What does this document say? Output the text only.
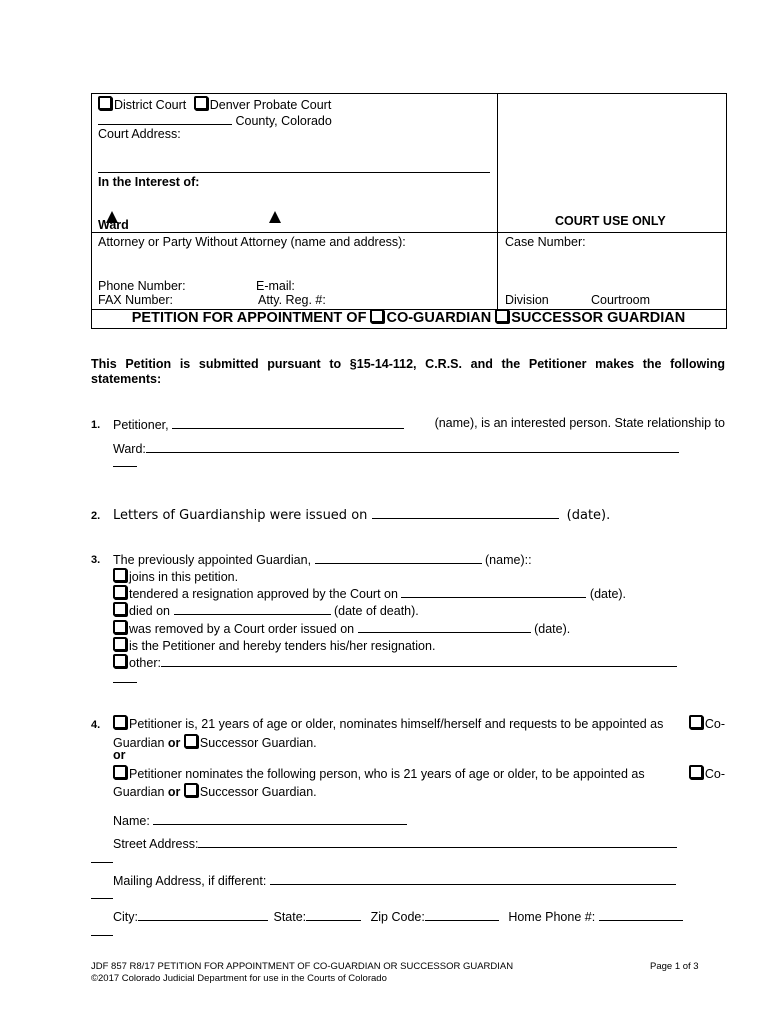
District Court Denver Probate Court
County, Colorado
Court Address:
In the Interest of:
Ward	COURT USE ONLY
Attorney or Party Without Attorney (name and address):	Case Number:
Phone Number:	E-mail:
FAX Number:	Atty. Reg. #:	Division	Courtroom
PETITION FOR APPOINTMENT OF CO-GUARDIAN SUCCESSOR GUARDIAN
This Petition is submitted pursuant to §15-14-112, C.R.S. and the Petitioner makes the following statements:
1. Petitioner,	(name), is an interested person. State relationship to
Ward:
2. Letters of Guardianship were issued on	(date).
3. The previously appointed Guardian,	(name)::
joins in this petition.
tendered a resignation approved by the Court on	(date).
died on	(date of death).
was removed by a Court order issued on	(date).
is the Petitioner and hereby tenders his/her resignation.
other:
4.	Petitioner is, 21 years of age or older, nominates himself/herself and requests to be appointed as	Co-
Guardian or Successor Guardian.
or
Petitioner nominates the following person, who is 21 years of age or older, to be appointed as	Co-
Guardian or Successor Guardian.
Name:
Street Address:
Mailing Address, if different:
City:	State:	Zip Code:	Home Phone #:
JDF 857 R8/17 PETITION FOR APPOINTMENT OF CO-GUARDIAN OR SUCCESSOR GUARDIAN	Page 1 of 3
©2017 Colorado Judicial Department for use in the Courts of Colorado
